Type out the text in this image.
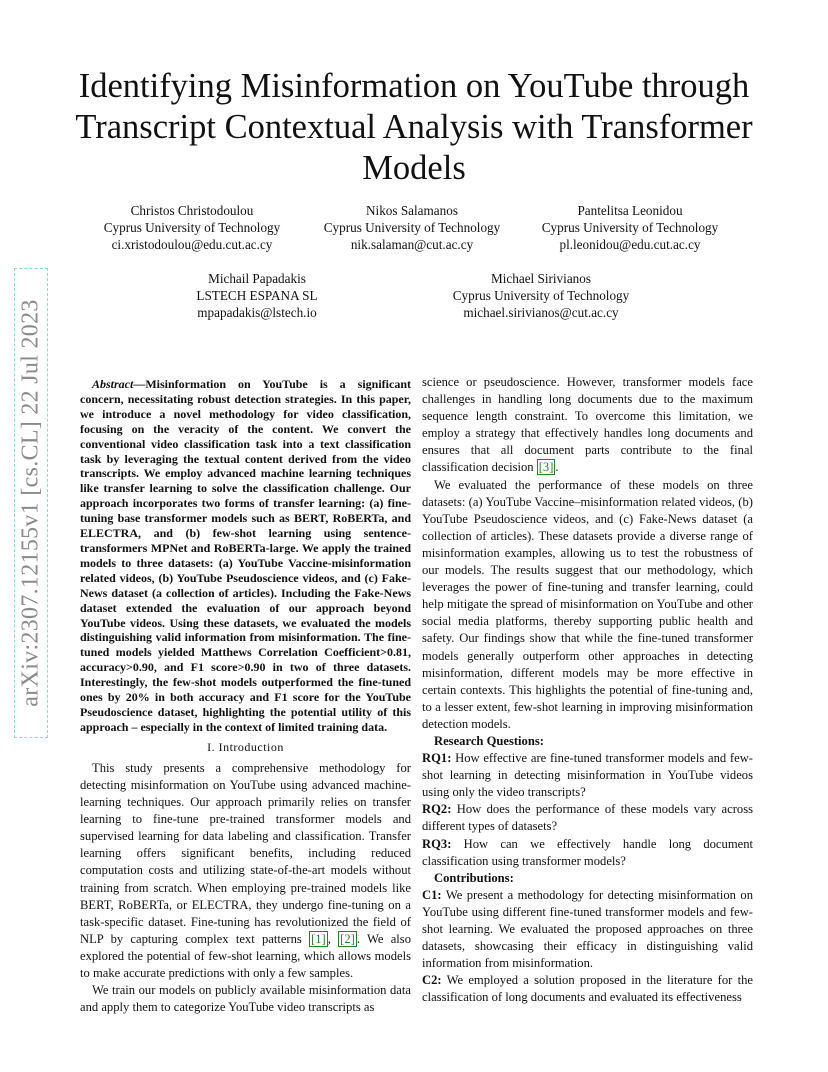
arXiv:2307.12155v1 [cs.CL] 22 Jul 2023
Identifying Misinformation on YouTube through Transcript Contextual Analysis with Transformer Models
Christos Christodoulou
Cyprus University of Technology
ci.xristodoulou@edu.cut.ac.cy
Nikos Salamanos
Cyprus University of Technology
nik.salaman@cut.ac.cy
Pantelitsa Leonidou
Cyprus University of Technology
pl.leonidou@edu.cut.ac.cy
Michail Papadakis
LSTECH ESPANA SL
mpapadakis@lstech.io
Michael Sirivianos
Cyprus University of Technology
michael.sirivianos@cut.ac.cy

Abstract—Misinformation on YouTube is a significant concern, necessitating robust detection strategies. In this paper, we introduce a novel methodology for video classification, focusing on the veracity of the content. We convert the conventional video classification task into a text classification task by leveraging the textual content derived from the video transcripts. We employ advanced machine learning techniques like transfer learning to solve the classification challenge. Our approach incorporates two forms of transfer learning: (a) fine-tuning base transformer models such as BERT, RoBERTa, and ELECTRA, and (b) few-shot learning using sentence-transformers MPNet and RoBERTa-large. We apply the trained models to three datasets: (a) YouTube Vaccine-misinformation related videos, (b) YouTube Pseudoscience videos, and (c) Fake-News dataset (a collection of articles). Including the Fake-News dataset extended the evaluation of our approach beyond YouTube videos. Using these datasets, we evaluated the models distinguishing valid information from misinformation. The fine-tuned models yielded Matthews Correlation Coefficient>0.81, accuracy>0.90, and F1 score>0.90 in two of three datasets. Interestingly, the few-shot models outperformed the fine-tuned ones by 20% in both accuracy and F1 score for the YouTube Pseudoscience dataset, highlighting the potential utility of this approach – especially in the context of limited training data.

I. Introduction

This study presents a comprehensive methodology for detecting misinformation on YouTube using advanced machine-learning techniques. Our approach primarily relies on transfer learning to fine-tune pre-trained transformer models and supervised learning for data labeling and classification. Transfer learning offers significant benefits, including reduced computation costs and utilizing state-of-the-art models without training from scratch. When employing pre-trained models like BERT, RoBERTa, or ELECTRA, they undergo fine-tuning on a task-specific dataset. Fine-tuning has revolutionized the field of NLP by capturing complex text patterns [1] , [2] . We also explored the potential of few-shot learning, which allows models to make accurate predictions with only a few samples.

We train our models on publicly available misinformation data and apply them to categorize YouTube video transcripts as

science or pseudoscience. However, transformer models face challenges in handling long documents due to the maximum sequence length constraint. To overcome this limitation, we employ a strategy that effectively handles long documents and ensures that all document parts contribute to the final classification decision [3] .

We evaluated the performance of these models on three datasets: (a) YouTube Vaccine–misinformation related videos, (b) YouTube Pseudoscience videos, and (c) Fake-News dataset (a collection of articles). These datasets provide a diverse range of misinformation examples, allowing us to test the robustness of our models. The results suggest that our methodology, which leverages the power of fine-tuning and transfer learning, could help mitigate the spread of misinformation on YouTube and other social media platforms, thereby supporting public health and safety. Our findings show that while the fine-tuned transformer models generally outperform other approaches in detecting misinformation, different models may be more effective in certain contexts. This highlights the potential of fine-tuning and, to a lesser extent, few-shot learning in improving misinformation detection models.

Research Questions:

RQ1: How effective are fine-tuned transformer models and few-shot learning in detecting misinformation in YouTube videos using only the video transcripts?

RQ2: How does the performance of these models vary across different types of datasets?

RQ3: How can we effectively handle long document classification using transformer models?

Contributions:

C1: We present a methodology for detecting misinformation on YouTube using different fine-tuned transformer models and few-shot learning. We evaluated the proposed approaches on three datasets, showcasing their efficacy in distinguishing valid information from misinformation.

C2: We employed a solution proposed in the literature for the classification of long documents and evaluated its effectiveness
